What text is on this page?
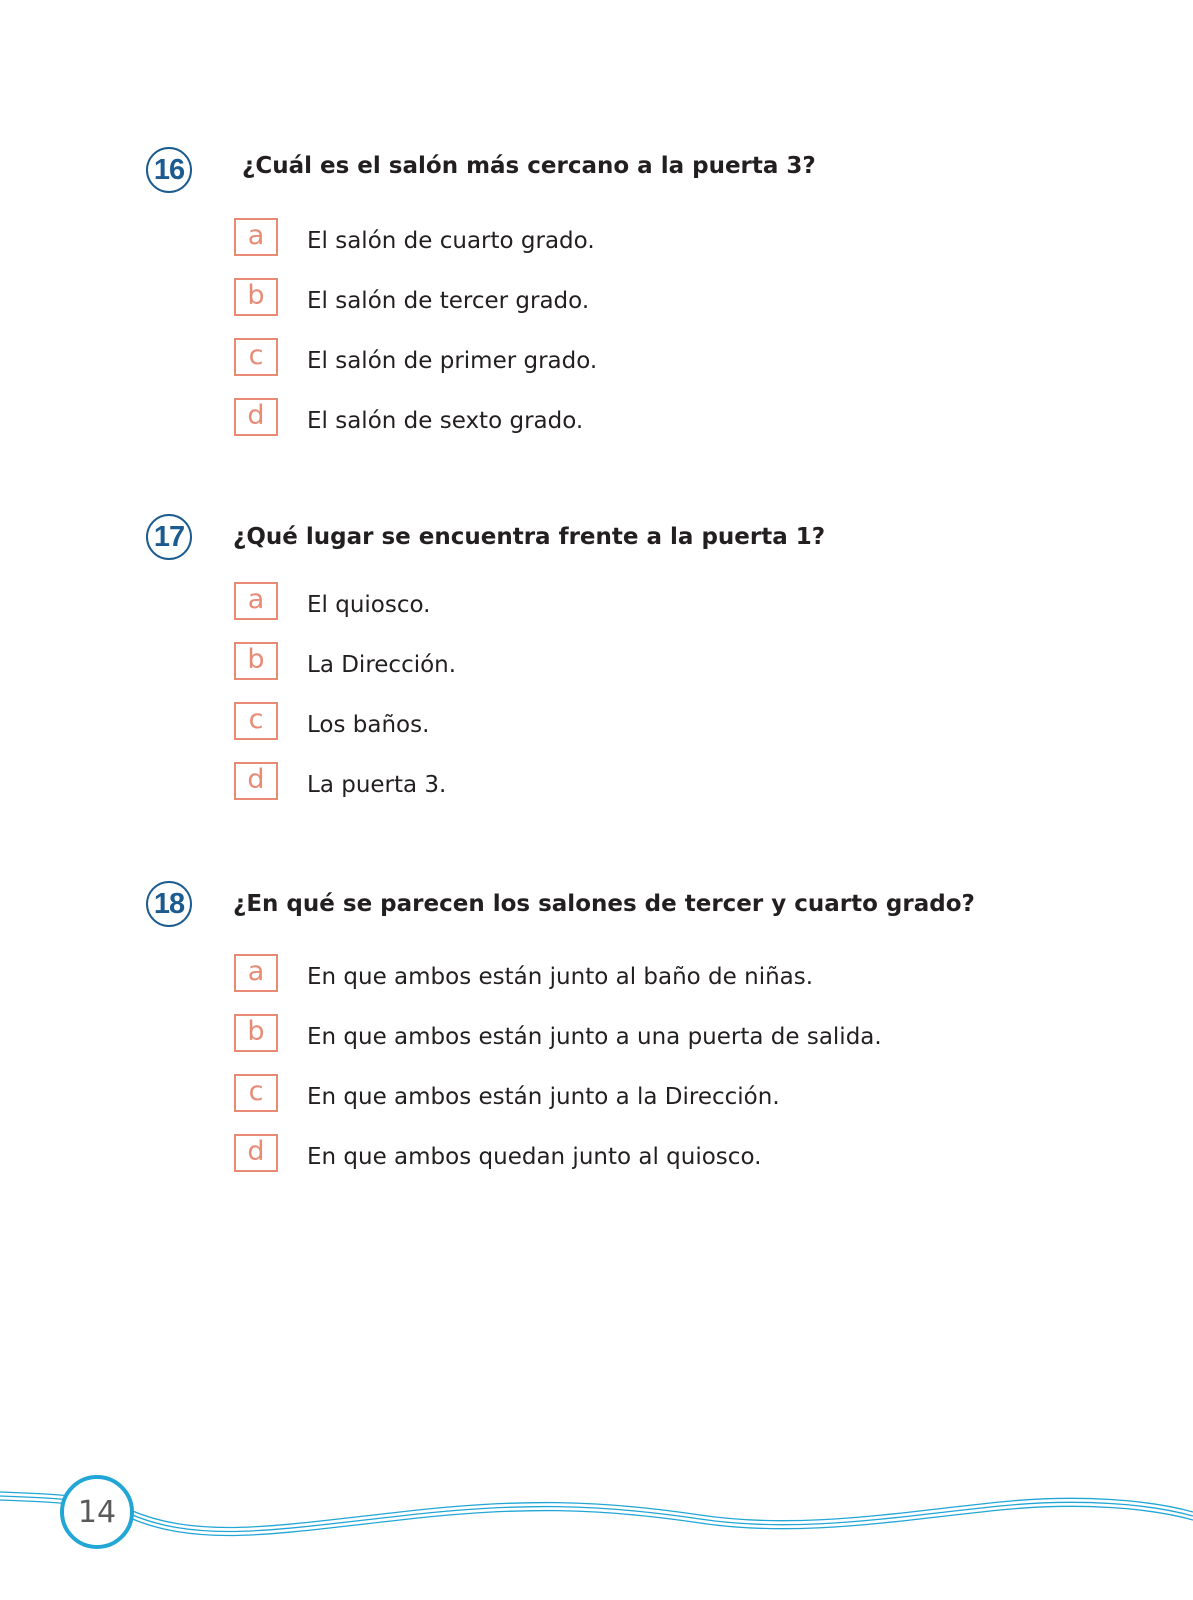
16	¿Cuál es el salón más cercano a la puerta 3?
a	El salón de cuarto grado.
b	El salón de tercer grado.
c	El salón de primer grado.
d	El salón de sexto grado.
17	¿Qué lugar se encuentra frente a la puerta 1?
a	El quiosco.
b	La Dirección.
c	Los baños.
d	La puerta 3.
18	¿En qué se parecen los salones de tercer y cuarto grado?
a	En que ambos están junto al baño de niñas.
b	En que ambos están junto a una puerta de salida.
c	En que ambos están junto a la Dirección.
d	En que ambos quedan junto al quiosco.
14
